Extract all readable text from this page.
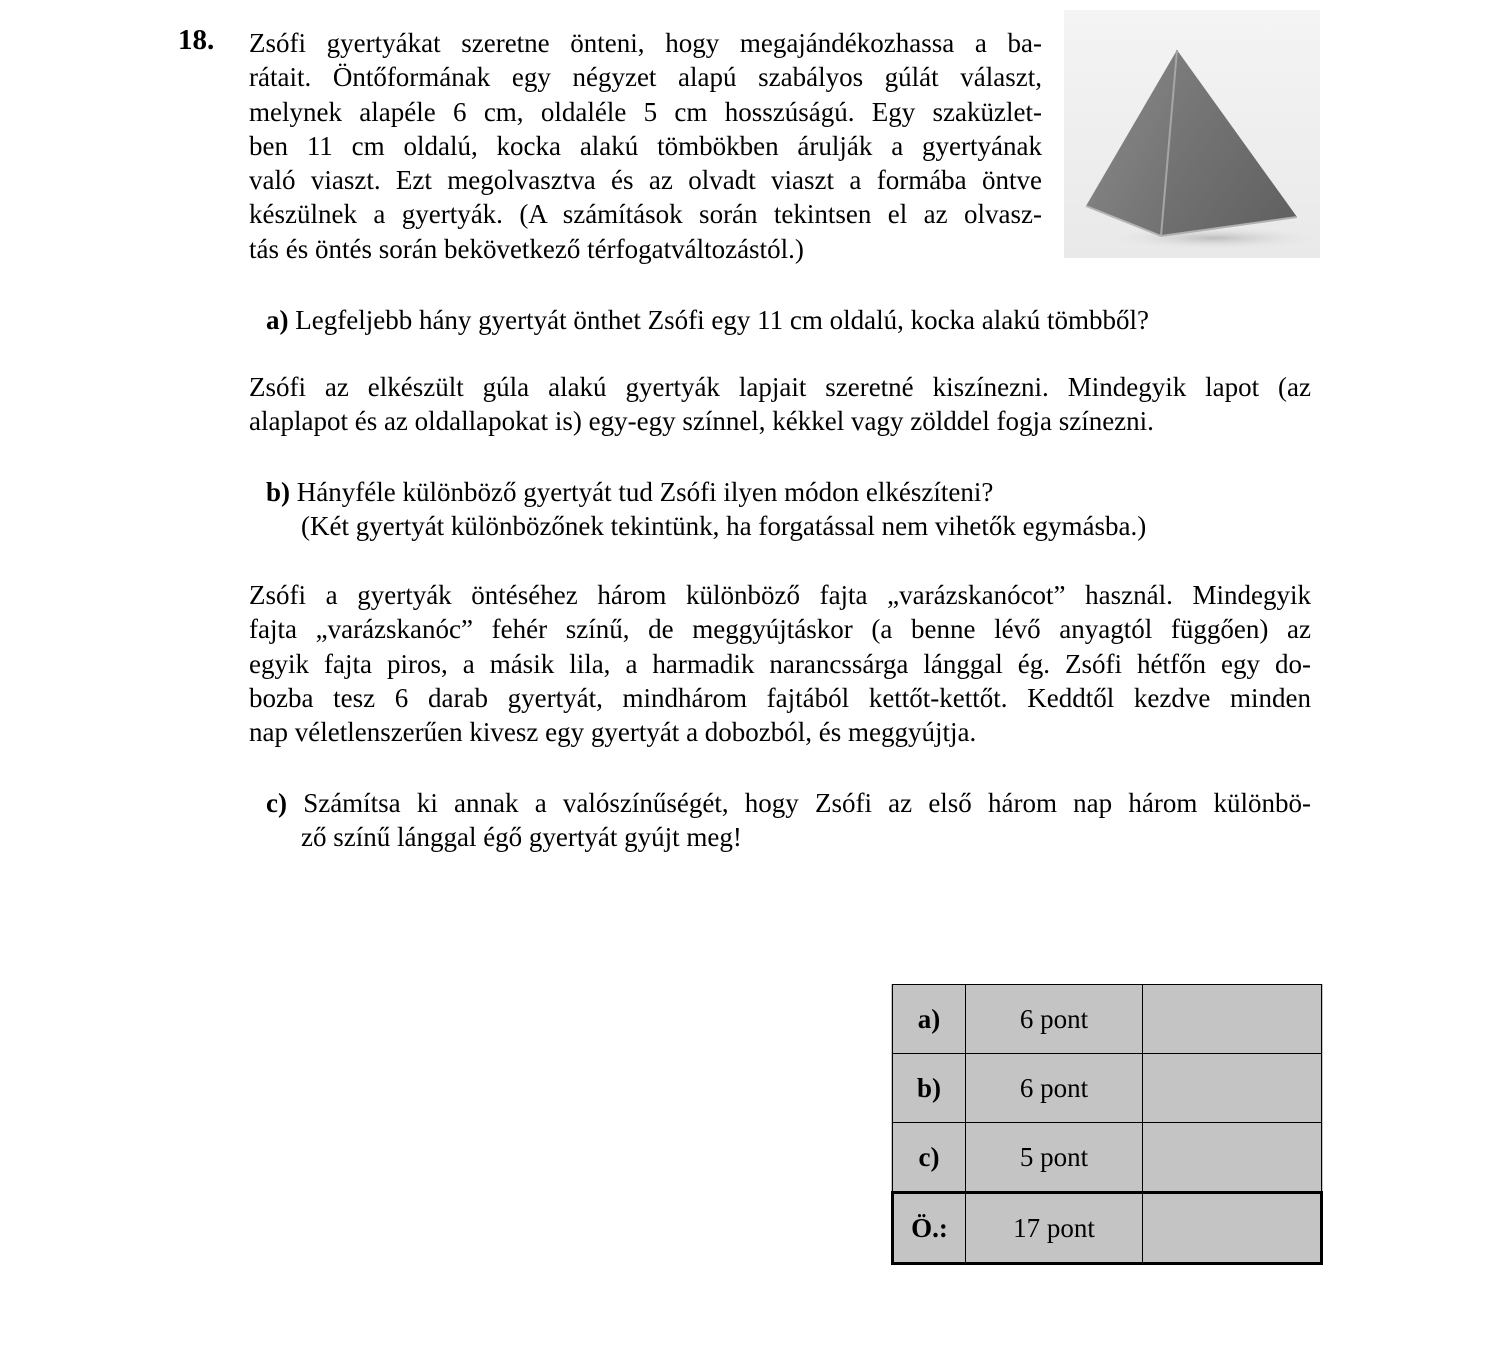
18. Zsófi gyertyákat szeretne önteni, hogy megajándékozhassa a ba-
rátait. Öntőformának egy négyzet alapú szabályos gúlát választ,
melynek alapéle 6 cm, oldaléle 5 cm hosszúságú. Egy szaküzlet-
ben 11 cm oldalú, kocka alakú tömbökben árulják a gyertyának
való viaszt. Ezt megolvasztva és az olvadt viaszt a formába öntve
készülnek a gyertyák. (A számítások során tekintsen el az olvasz-
tás és öntés során bekövetkező térfogatváltozástól.)
a) Legfeljebb hány gyertyát önthet Zsófi egy 11 cm oldalú, kocka alakú tömbből?
Zsófi az elkészült gúla alakú gyertyák lapjait szeretné kiszínezni. Mindegyik lapot (az
alaplapot és az oldallapokat is) egy-egy színnel, kékkel vagy zölddel fogja színezni.
b) Hányféle különböző gyertyát tud Zsófi ilyen módon elkészíteni?
(Két gyertyát különbözőnek tekintünk, ha forgatással nem vihetők egymásba.)
Zsófi a gyertyák öntéséhez három különböző fajta „varázskanócot” használ. Mindegyik
fajta „varázskanóc” fehér színű, de meggyújtáskor (a benne lévő anyagtól függően) az
egyik fajta piros, a másik lila, a harmadik narancssárga lánggal ég. Zsófi hétfőn egy do-
bozba tesz 6 darab gyertyát, mindhárom fajtából kettőt-kettőt. Keddtől kezdve minden
nap véletlenszerűen kivesz egy gyertyát a dobozból, és meggyújtja.
c) Számítsa ki annak a valószínűségét, hogy Zsófi az első három nap három különbö-
ző színű lánggal égő gyertyát gyújt meg!
a)	6 pont	
b)	6 pont	
c)	5 pont	
Ö.:	17 pont	
